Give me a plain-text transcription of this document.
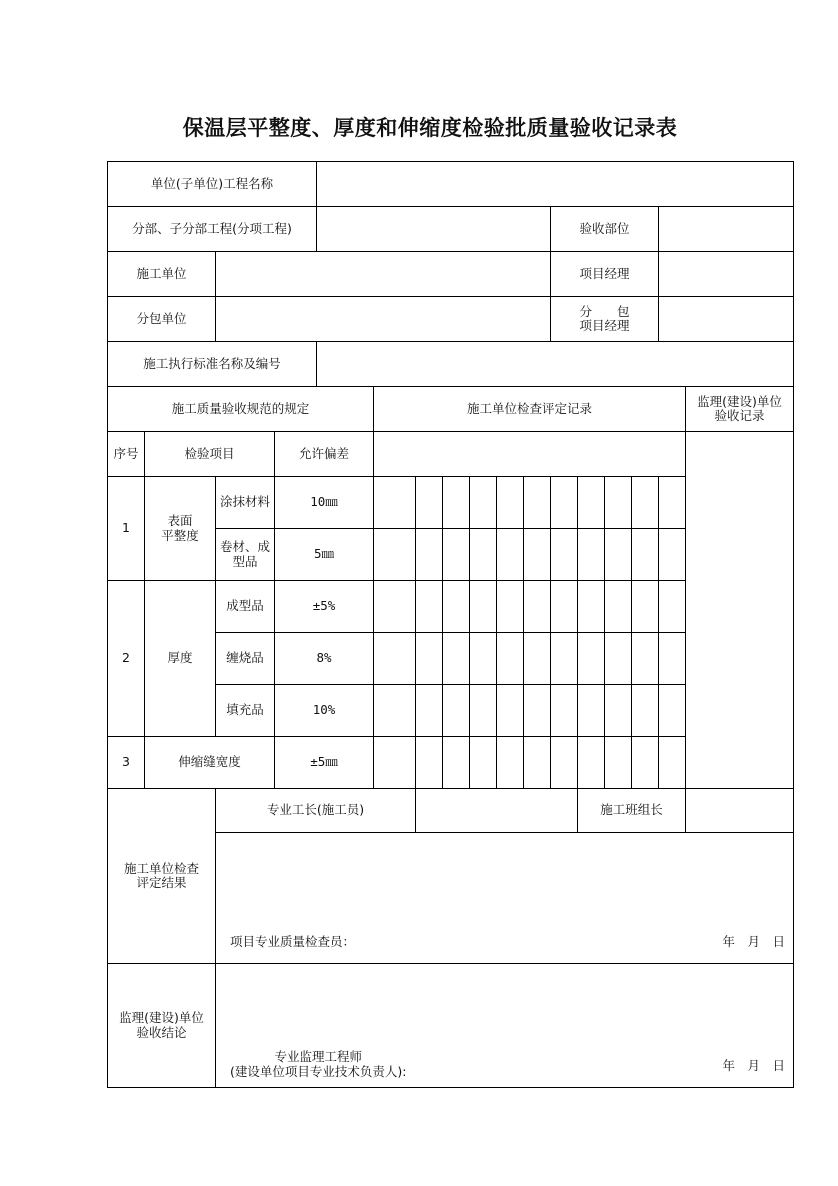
保温层平整度、厚度和伸缩度检验批质量验收记录表
单位(子单位)工程名称																
分部、子分部工程(分项工程)											验收部位					
施工单位											项目经理					
分包单位											分　　包
项目经理					

施工执行标准名称及编号																
施工质量验收规范的规定					施工单位检查评定记录											监理(建设)单位
验收记录
序号	检验项目		允许偏差													
1	表面
平整度	涂抹材料	10㎜													
		卷材、成
型品	5㎜													
2	厚度	成型品	±5%													
		缠烧品	8%													
		填充品	10%													
3	伸缩缝宽度		±5㎜													
施工单位检查
评定结果		专业工长(施工员)										施工班组长				

		项目专业质量检查员： 年　月　日														

监理(建设)单位
验收结论		专业监理工程师
(建设单位项目专业技术负责人): 年　月　日														
